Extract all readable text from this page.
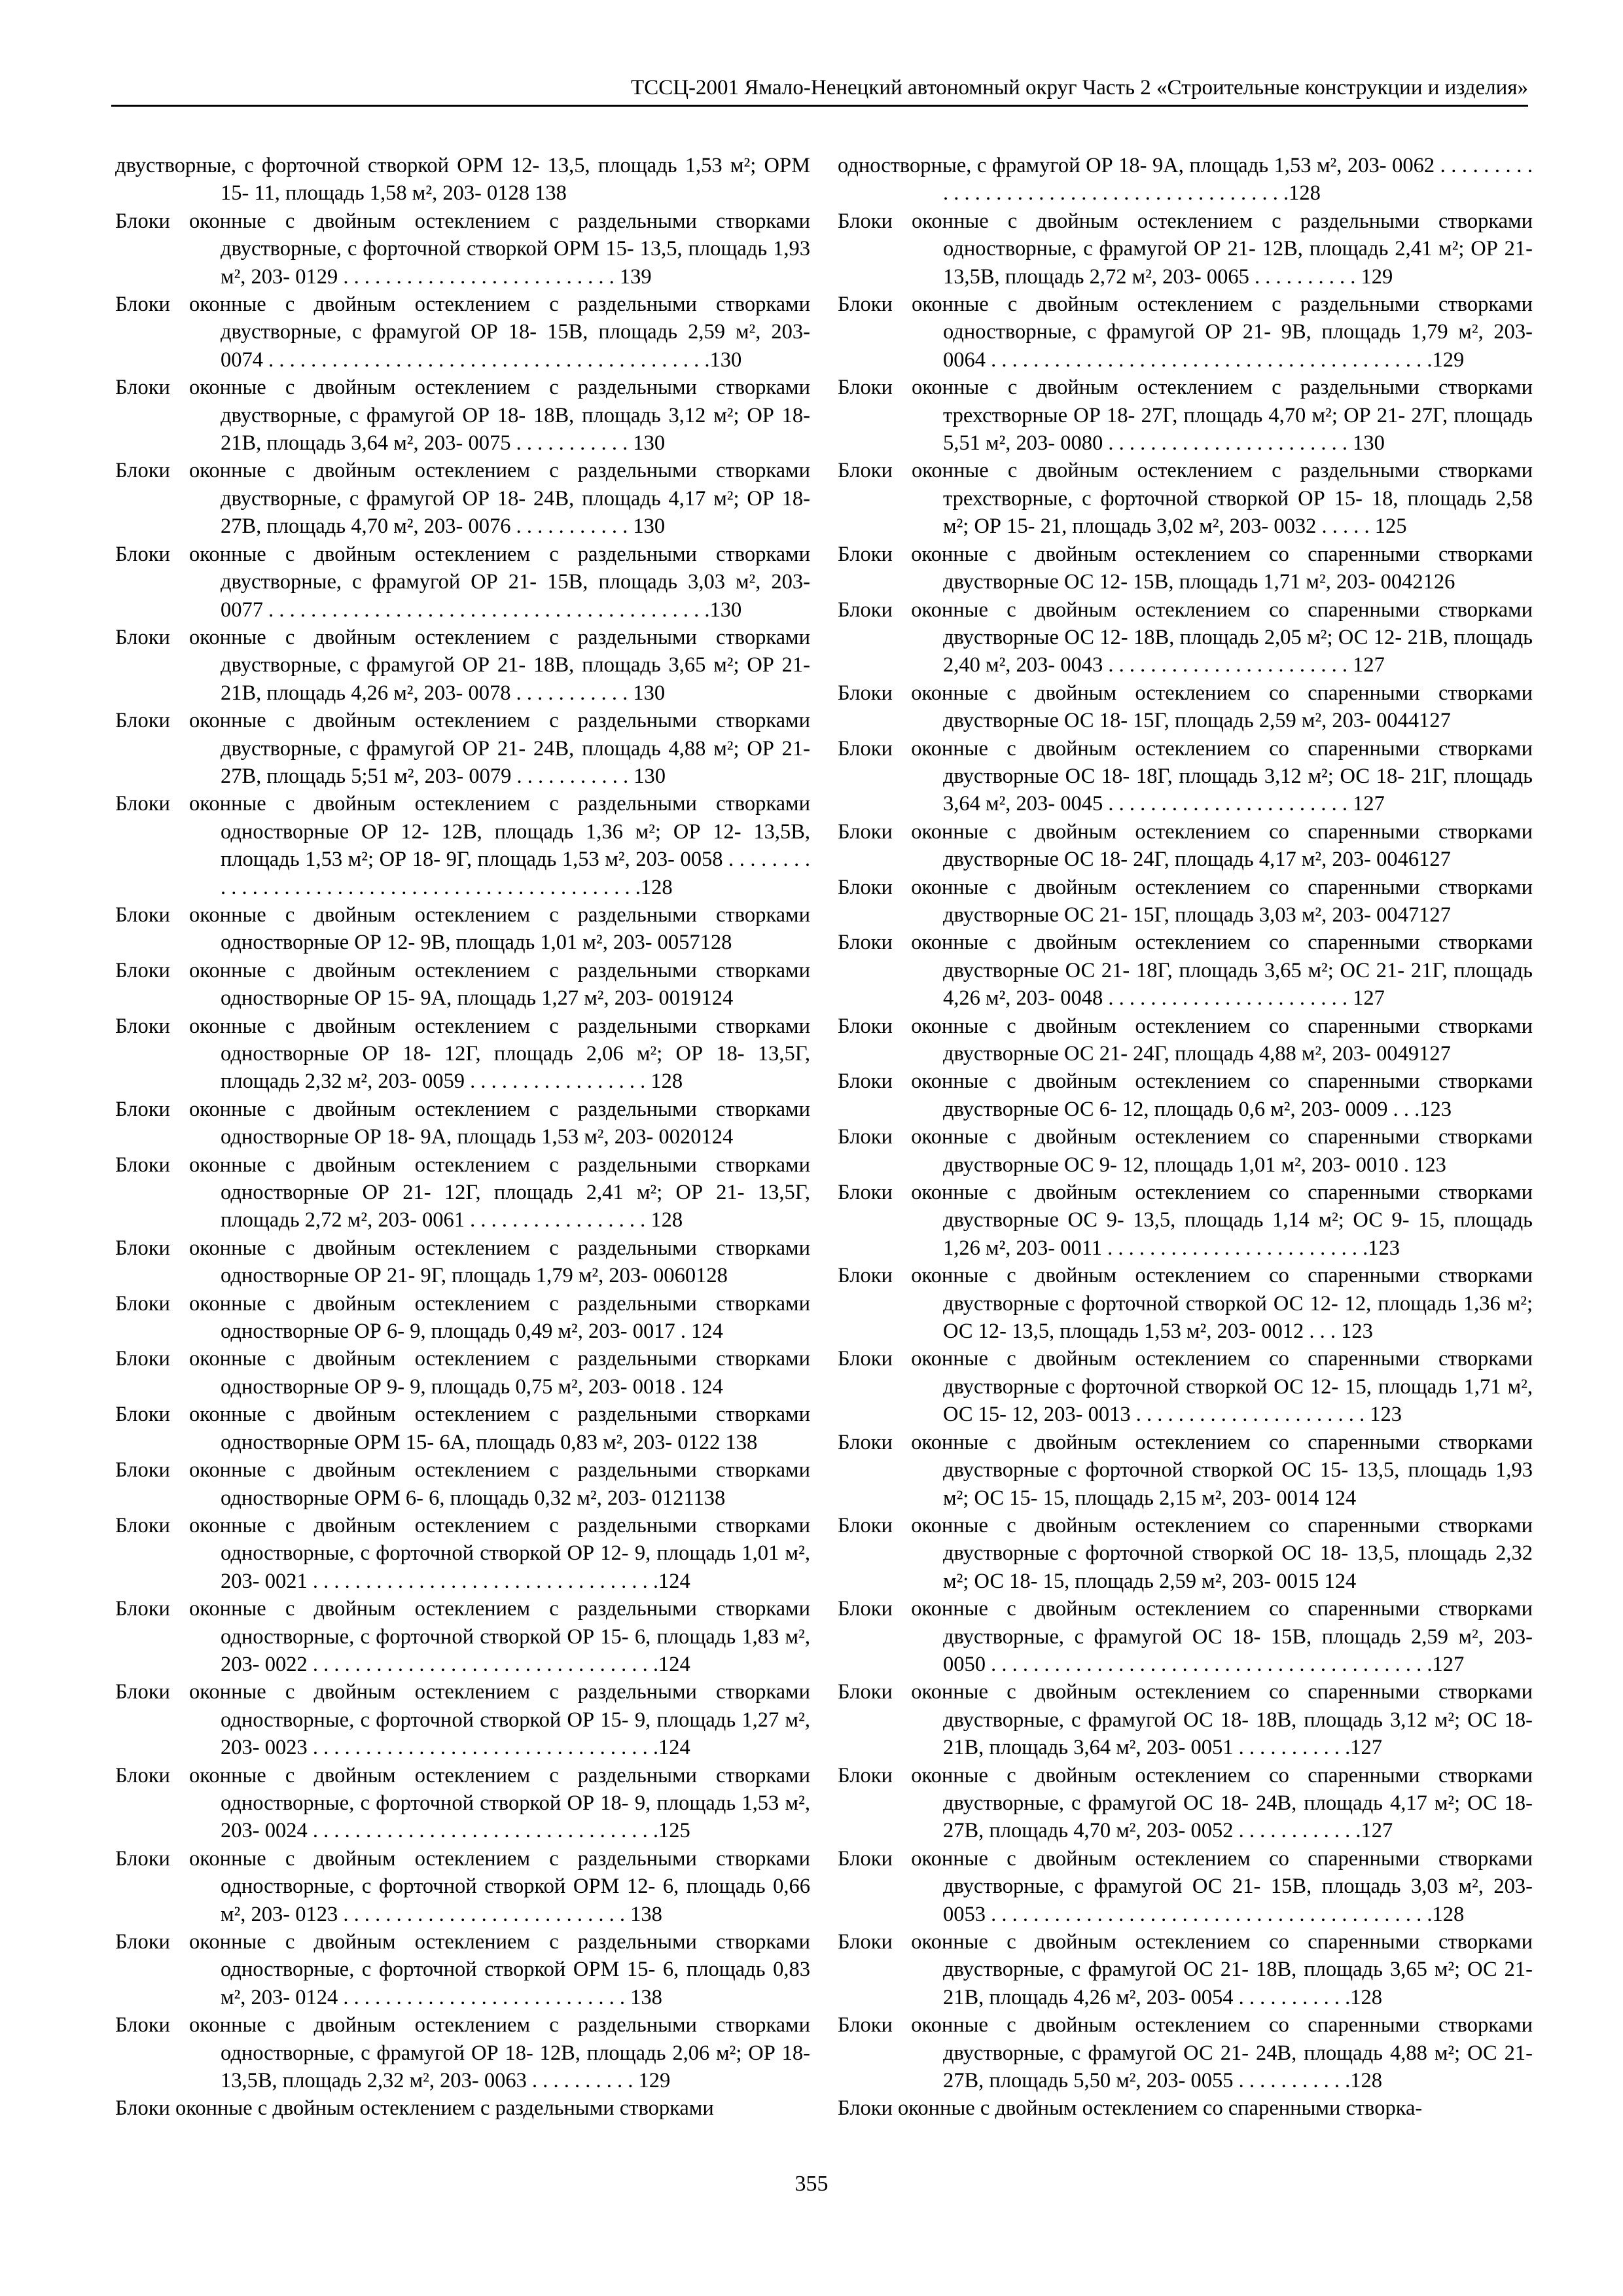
ТССЦ-2001 Ямало-Ненецкий автономный округ Часть 2 «Строительные конструкции и изделия»
двустворные, с форточной створкой ОРМ 12- 13,5, площадь 1,53 м²; ОРМ 15- 11, площадь 1,58 м², 203- 0128 138
Блоки оконные с двойным остеклением с раздельными створками двустворные, с форточной створкой ОРМ 15- 13,5, площадь 1,93 м², 203- 0129 . . . . . . . . . . . . . . . . . . . . . . . . . . 139
Блоки оконные с двойным остеклением с раздельными створками двустворные, с фрамугой ОР 18- 15В, площадь 2,59 м², 203- 0074 . . . . . . . . . . . . . . . . . . . . . . . . . . . . . . . . . . . . . . . . . .130
Блоки оконные с двойным остеклением с раздельными створками двустворные, с фрамугой ОР 18- 18В, площадь 3,12 м²; ОР 18- 21В, площадь 3,64 м², 203- 0075 . . . . . . . . . . . 130
Блоки оконные с двойным остеклением с раздельными створками двустворные, с фрамугой ОР 18- 24В, площадь 4,17 м²; ОР 18- 27В, площадь 4,70 м², 203- 0076 . . . . . . . . . . . 130
Блоки оконные с двойным остеклением с раздельными створками двустворные, с фрамугой ОР 21- 15В, площадь 3,03 м², 203- 0077 . . . . . . . . . . . . . . . . . . . . . . . . . . . . . . . . . . . . . . . . . .130
Блоки оконные с двойным остеклением с раздельными створками двустворные, с фрамугой ОР 21- 18В, площадь 3,65 м²; ОР 21- 21В, площадь 4,26 м², 203- 0078 . . . . . . . . . . . 130
Блоки оконные с двойным остеклением с раздельными створками двустворные, с фрамугой ОР 21- 24В, площадь 4,88 м²; ОР 21- 27В, площадь 5;51 м², 203- 0079 . . . . . . . . . . . 130
Блоки оконные с двойным остеклением с раздельными створками одностворные ОР 12- 12В, площадь 1,36 м²; ОР 12- 13,5В, площадь 1,53 м²; ОР 18- 9Г, площадь 1,53 м², 203- 0058 . . . . . . . . . . . . . . . . . . . . . . . . . . . . . . . . . . . . . . . . . . . . . . . .128
Блоки оконные с двойным остеклением с раздельными створками одностворные ОР 12- 9В, площадь 1,01 м², 203- 0057128
Блоки оконные с двойным остеклением с раздельными створками одностворные ОР 15- 9А, площадь 1,27 м², 203- 0019124
Блоки оконные с двойным остеклением с раздельными створками одностворные ОР 18- 12Г, площадь 2,06 м²; ОР 18- 13,5Г, площадь 2,32 м², 203- 0059 . . . . . . . . . . . . . . . . . 128
Блоки оконные с двойным остеклением с раздельными створками одностворные ОР 18- 9А, площадь 1,53 м², 203- 0020124
Блоки оконные с двойным остеклением с раздельными створками одностворные ОР 21- 12Г, площадь 2,41 м²; ОР 21- 13,5Г, площадь 2,72 м², 203- 0061 . . . . . . . . . . . . . . . . . 128
Блоки оконные с двойным остеклением с раздельными створками одностворные ОР 21- 9Г, площадь 1,79 м², 203- 0060128
Блоки оконные с двойным остеклением с раздельными створками одностворные ОР 6- 9, площадь 0,49 м², 203- 0017 . 124
Блоки оконные с двойным остеклением с раздельными створками одностворные ОР 9- 9, площадь 0,75 м², 203- 0018 . 124
Блоки оконные с двойным остеклением с раздельными створками одностворные ОРМ 15- 6А, площадь 0,83 м², 203- 0122 138
Блоки оконные с двойным остеклением с раздельными створками одностворные ОРМ 6- 6, площадь 0,32 м², 203- 0121138
Блоки оконные с двойным остеклением с раздельными створками одностворные, с форточной створкой ОР 12- 9, площадь 1,01 м², 203- 0021 . . . . . . . . . . . . . . . . . . . . . . . . . . . . . . . . .124
Блоки оконные с двойным остеклением с раздельными створками одностворные, с форточной створкой ОР 15- 6, площадь 1,83 м², 203- 0022 . . . . . . . . . . . . . . . . . . . . . . . . . . . . . . . . .124
Блоки оконные с двойным остеклением с раздельными створками одностворные, с форточной створкой ОР 15- 9, площадь 1,27 м², 203- 0023 . . . . . . . . . . . . . . . . . . . . . . . . . . . . . . . . .124
Блоки оконные с двойным остеклением с раздельными створками одностворные, с форточной створкой ОР 18- 9, площадь 1,53 м², 203- 0024 . . . . . . . . . . . . . . . . . . . . . . . . . . . . . . . . .125
Блоки оконные с двойным остеклением с раздельными створками одностворные, с форточной створкой ОРМ 12- 6, площадь 0,66 м², 203- 0123 . . . . . . . . . . . . . . . . . . . . . . . . . . . 138
Блоки оконные с двойным остеклением с раздельными створками одностворные, с форточной створкой ОРМ 15- 6, площадь 0,83 м², 203- 0124 . . . . . . . . . . . . . . . . . . . . . . . . . . . 138
Блоки оконные с двойным остеклением с раздельными створками одностворные, с фрамугой ОР 18- 12В, площадь 2,06 м²; ОР 18- 13,5В, площадь 2,32 м², 203- 0063 . . . . . . . . . . 129
Блоки оконные с двойным остеклением с раздельными створками
одностворные, с фрамугой ОР 18- 9А, площадь 1,53 м², 203- 0062 . . . . . . . . . . . . . . . . . . . . . . . . . . . . . . . . . . . . . . . . . .128
Блоки оконные с двойным остеклением с раздельными створками одностворные, с фрамугой ОР 21- 12В, площадь 2,41 м²; ОР 21- 13,5В, площадь 2,72 м², 203- 0065 . . . . . . . . . . 129
Блоки оконные с двойным остеклением с раздельными створками одностворные, с фрамугой ОР 21- 9В, площадь 1,79 м², 203- 0064 . . . . . . . . . . . . . . . . . . . . . . . . . . . . . . . . . . . . . . . . . .129
Блоки оконные с двойным остеклением с раздельными створками трехстворные ОР 18- 27Г, площадь 4,70 м²; ОР 21- 27Г, площадь 5,51 м², 203- 0080 . . . . . . . . . . . . . . . . . . . . . . . 130
Блоки оконные с двойным остеклением с раздельными створками трехстворные, с форточной створкой ОР 15- 18, площадь 2,58 м²; ОР 15- 21, площадь 3,02 м², 203- 0032 . . . . . 125
Блоки оконные с двойным остеклением со спаренными створками двустворные ОС 12- 15В, площадь 1,71 м², 203- 0042126
Блоки оконные с двойным остеклением со спаренными створками двустворные ОС 12- 18В, площадь 2,05 м²; ОС 12- 21В, площадь 2,40 м², 203- 0043 . . . . . . . . . . . . . . . . . . . . . . . 127
Блоки оконные с двойным остеклением со спаренными створками двустворные ОС 18- 15Г, площадь 2,59 м², 203- 0044127
Блоки оконные с двойным остеклением со спаренными створками двустворные ОС 18- 18Г, площадь 3,12 м²; ОС 18- 21Г, площадь 3,64 м², 203- 0045 . . . . . . . . . . . . . . . . . . . . . . . 127
Блоки оконные с двойным остеклением со спаренными створками двустворные ОС 18- 24Г, площадь 4,17 м², 203- 0046127
Блоки оконные с двойным остеклением со спаренными створками двустворные ОС 21- 15Г, площадь 3,03 м², 203- 0047127
Блоки оконные с двойным остеклением со спаренными створками двустворные ОС 21- 18Г, площадь 3,65 м²; ОС 21- 21Г, площадь 4,26 м², 203- 0048 . . . . . . . . . . . . . . . . . . . . . . . 127
Блоки оконные с двойным остеклением со спаренными створками двустворные ОС 21- 24Г, площадь 4,88 м², 203- 0049127
Блоки оконные с двойным остеклением со спаренными створками двустворные ОС 6- 12, площадь 0,6 м², 203- 0009 . . .123
Блоки оконные с двойным остеклением со спаренными створками двустворные ОС 9- 12, площадь 1,01 м², 203- 0010 . 123
Блоки оконные с двойным остеклением со спаренными створками двустворные ОС 9- 13,5, площадь 1,14 м²; ОС 9- 15, площадь 1,26 м², 203- 0011 . . . . . . . . . . . . . . . . . . . . . . . . .123
Блоки оконные с двойным остеклением со спаренными створками двустворные с форточной створкой ОС 12- 12, площадь 1,36 м²; ОС 12- 13,5, площадь 1,53 м², 203- 0012 . . . 123
Блоки оконные с двойным остеклением со спаренными створками двустворные с форточной створкой ОС 12- 15, площадь 1,71 м², ОС 15- 12, 203- 0013 . . . . . . . . . . . . . . . . . . . . . . 123
Блоки оконные с двойным остеклением со спаренными створками двустворные с форточной створкой ОС 15- 13,5, площадь 1,93 м²; ОС 15- 15, площадь 2,15 м², 203- 0014 124
Блоки оконные с двойным остеклением со спаренными створками двустворные с форточной створкой ОС 18- 13,5, площадь 2,32 м²; ОС 18- 15, площадь 2,59 м², 203- 0015 124
Блоки оконные с двойным остеклением со спаренными створками двустворные, с фрамугой ОС 18- 15В, площадь 2,59 м², 203- 0050 . . . . . . . . . . . . . . . . . . . . . . . . . . . . . . . . . . . . . . . . . .127
Блоки оконные с двойным остеклением со спаренными створками двустворные, с фрамугой ОС 18- 18В, площадь 3,12 м²; ОС 18- 21В, площадь 3,64 м², 203- 0051 . . . . . . . . . . .127
Блоки оконные с двойным остеклением со спаренными створками двустворные, с фрамугой ОС 18- 24В, площадь 4,17 м²; ОС 18- 27В, площадь 4,70 м², 203- 0052 . . . . . . . . . . . .127
Блоки оконные с двойным остеклением со спаренными створками двустворные, с фрамугой ОС 21- 15В, площадь 3,03 м², 203- 0053 . . . . . . . . . . . . . . . . . . . . . . . . . . . . . . . . . . . . . . . . . .128
Блоки оконные с двойным остеклением со спаренными створками двустворные, с фрамугой ОС 21- 18В, площадь 3,65 м²; ОС 21- 21В, площадь 4,26 м², 203- 0054 . . . . . . . . . . .128
Блоки оконные с двойным остеклением со спаренными створками двустворные, с фрамугой ОС 21- 24В, площадь 4,88 м²; ОС 21- 27В, площадь 5,50 м², 203- 0055 . . . . . . . . . . .128
Блоки оконные с двойным остеклением со спаренными створка-
355
